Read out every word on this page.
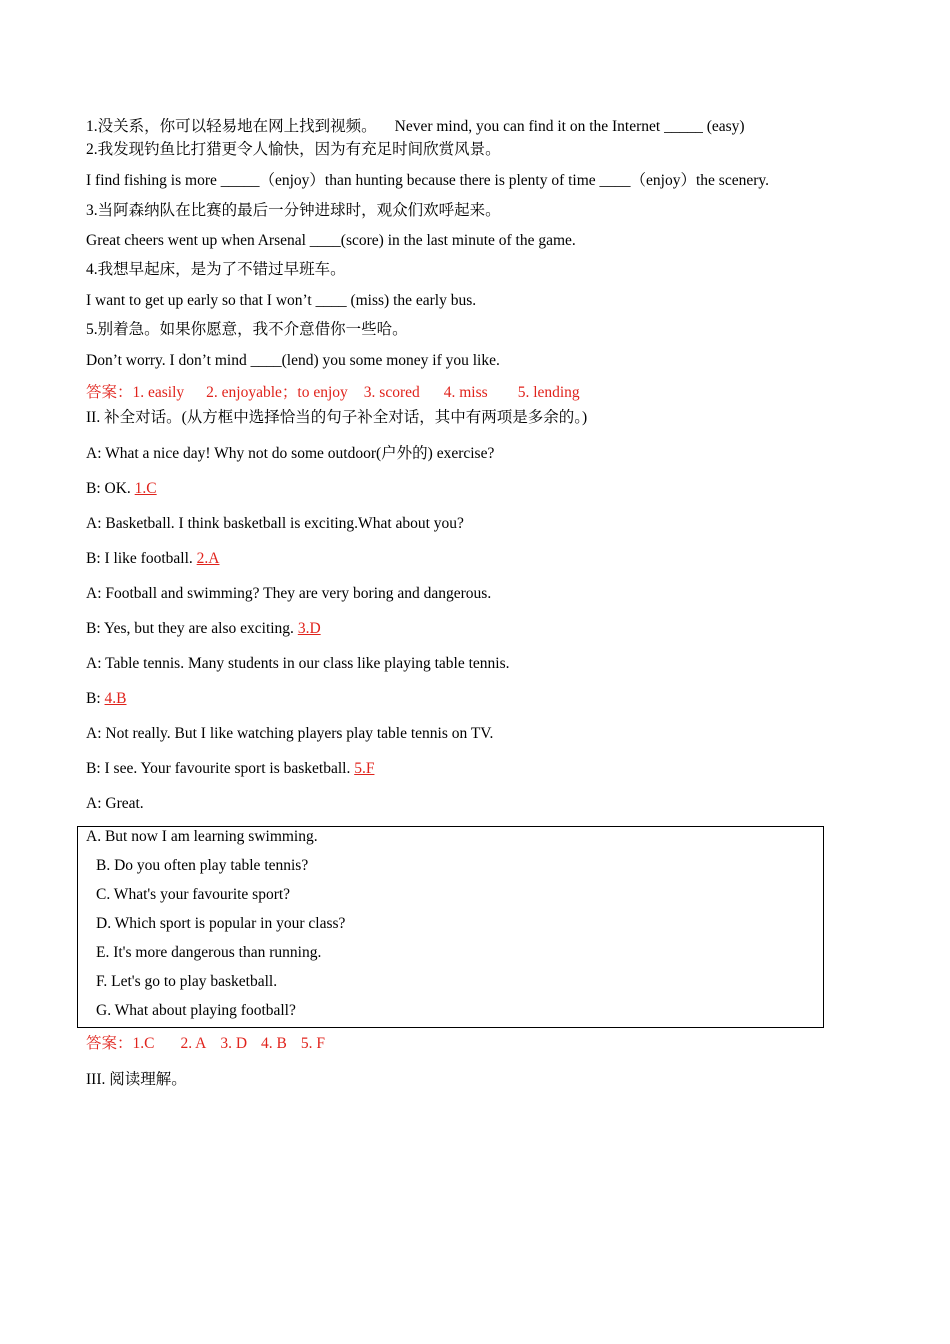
1.没关系，你可以轻易地在网上找到视频。 Never mind, you can find it on the Internet _____ (easy)
2.我发现钓鱼比打猎更令人愉快，因为有充足时间欣赏风景。
I find fishing is more _____（enjoy）than hunting because there is plenty of time ____（enjoy）the scenery.
3.当阿森纳队在比赛的最后一分钟进球时，观众们欢呼起来。
Great cheers went up when Arsenal ____(score) in the last minute of the game.
4.我想早起床，是为了不错过早班车。
I want to get up early so that I won’t ____ (miss) the early bus.
5.别着急。如果你愿意，我不介意借你一些哈。
Don’t worry. I don’t mind ____(lend) you some money if you like.
答案：1. easily 2. enjoyable；to enjoy 3. scored 4. miss 5. lending
II. 补全对话。(从方框中选择恰当的句子补全对话，其中有两项是多余的。)
A: What a nice day! Why not do some outdoor(户外的) exercise?
B: OK. 1.C
A: Basketball. I think basketball is exciting.What about you?
B: I like football. 2.A
A: Football and swimming? They are very boring and dangerous.
B: Yes, but they are also exciting. 3.D
A: Table tennis. Many students in our class like playing table tennis.
B: 4.B
A: Not really. But I like watching players play table tennis on TV.
B: I see. Your favourite sport is basketball. 5.F
A: Great.
A. But now I am learning swimming.
B. Do you often play table tennis?
C. What's your favourite sport?
D. Which sport is popular in your class?
E. It's more dangerous than running.
F. Let's go to play basketball.
G. What about playing football?
答案：1.C 2. A 3. D 4. B 5. F
III. 阅读理解。
